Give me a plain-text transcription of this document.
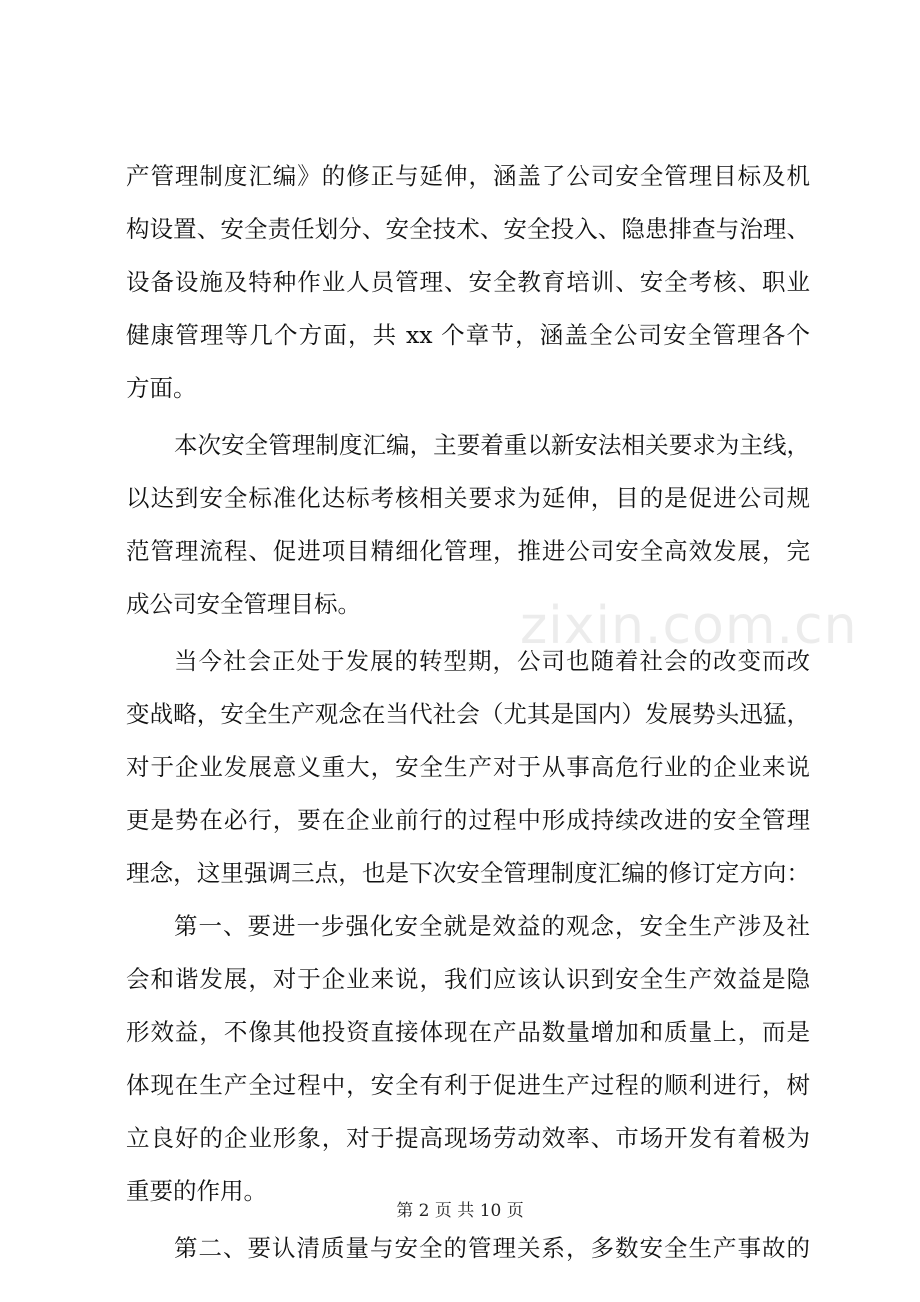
产管理制度汇编》的修正与延伸，涵盖了公司安全管理目标及机
构设置、安全责任划分、安全技术、安全投入、隐患排查与治理、
设备设施及特种作业人员管理、安全教育培训、安全考核、职业
健康管理等几个方面，共 xx 个章节，涵盖全公司安全管理各个
方面。
本次安全管理制度汇编，主要着重以新安法相关要求为主线，
以达到安全标准化达标考核相关要求为延伸，目的是促进公司规
范管理流程、促进项目精细化管理，推进公司安全高效发展，完
成公司安全管理目标。
当今社会正处于发展的转型期，公司也随着社会的改变而改
变战略，安全生产观念在当代社会（尤其是国内）发展势头迅猛，
对于企业发展意义重大，安全生产对于从事高危行业的企业来说
更是势在必行，要在企业前行的过程中形成持续改进的安全管理
理念，这里强调三点，也是下次安全管理制度汇编的修订定方向：
第一、要进一步强化安全就是效益的观念，安全生产涉及社
会和谐发展，对于企业来说，我们应该认识到安全生产效益是隐
形效益，不像其他投资直接体现在产品数量增加和质量上，而是
体现在生产全过程中，安全有利于促进生产过程的顺利进行，树
立良好的企业形象，对于提高现场劳动效率、市场开发有着极为
重要的作用。
第二、要认清质量与安全的管理关系，多数安全生产事故的
zixin.com.cn
第 2 页 共 10 页
